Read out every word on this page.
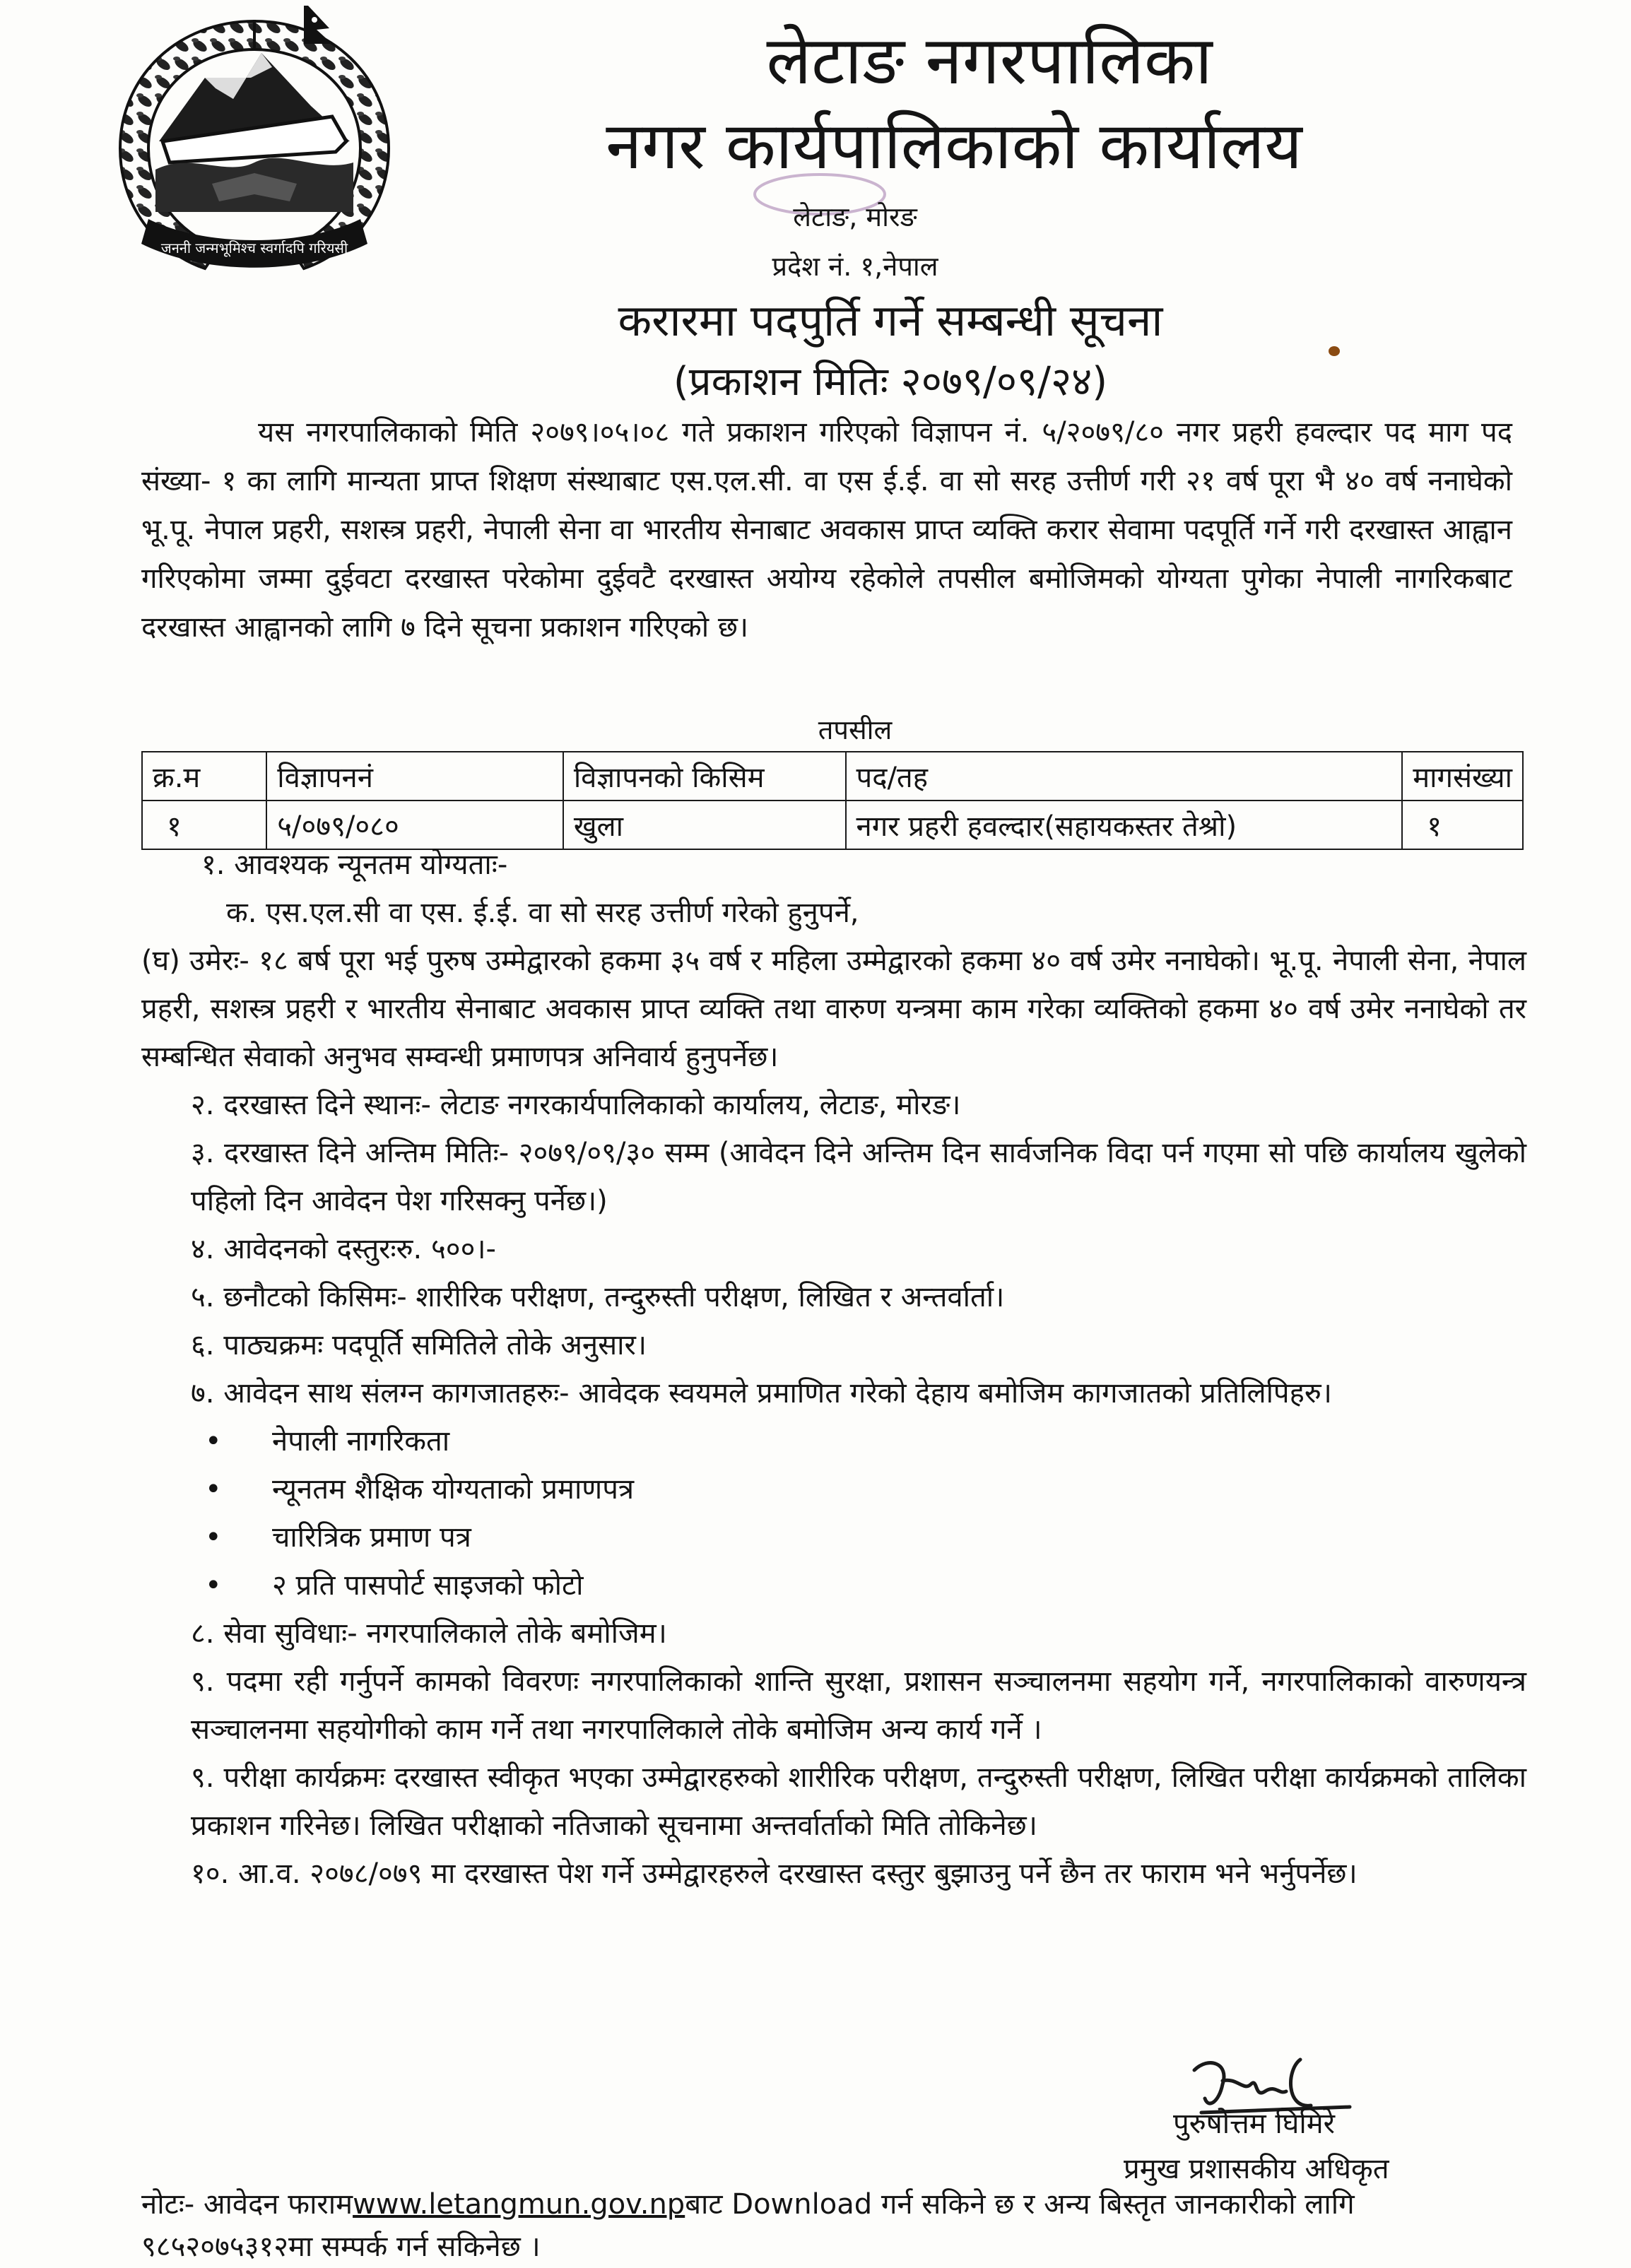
जननी जन्मभूमिश्च स्वर्गादपि गरियसी
लेटाङ नगरपालिका
नगर कार्यपालिकाको कार्यालय
लेटाङ, मोरङ
प्रदेश नं. १,नेपाल
करारमा पदपुर्ति गर्ने सम्बन्धी सूचना
(प्रकाशन मितिः २०७९/०९/२४)
यस नगरपालिकाको मिति २०७९।०५।०८ गते प्रकाशन गरिएको विज्ञापन नं. ५/२०७९/८० नगर प्रहरी हवल्दार पद माग पद संख्या- १ का लागि मान्यता प्राप्त शिक्षण संस्थाबाट एस.एल.सी. वा एस ई.ई. वा सो सरह उत्तीर्ण गरी २१ वर्ष पूरा भै ४० वर्ष ननाघेको भू.पू. नेपाल प्रहरी, सशस्त्र प्रहरी, नेपाली सेना वा भारतीय सेनाबाट अवकास प्राप्त व्यक्ति करार सेवामा पदपूर्ति गर्ने गरी दरखास्त आह्वान गरिएकोमा जम्मा दुईवटा दरखास्त परेकोमा दुईवटै दरखास्त अयोग्य रहेकोले तपसील बमोजिमको योग्यता पुगेका नेपाली नागरिकबाट दरखास्त आह्वानको लागि ७ दिने सूचना प्रकाशन गरिएको छ।
तपसील
क्र.म	विज्ञापननं	विज्ञापनको किसिम	पद/तह	मागसंख्या
१	५/०७९/०८०	खुला	नगर प्रहरी हवल्दार(सहायकस्तर तेश्रो)	१

१. आवश्यक न्यूनतम योग्यताः-

क. एस.एल.सी वा एस. ई.ई. वा सो सरह उत्तीर्ण गरेको हुनुपर्ने,

(घ) उमेरः- १८ बर्ष पूरा भई पुरुष उम्मेद्वारको हकमा ३५ वर्ष र महिला उम्मेद्वारको हकमा ४० वर्ष उमेर ननाघेको। भू.पू. नेपाली सेना, नेपाल प्रहरी, सशस्त्र प्रहरी र भारतीय सेनाबाट अवकास प्राप्त व्यक्ति तथा वारुण यन्त्रमा काम गरेका व्यक्तिको हकमा ४० वर्ष उमेर ननाघेको तर सम्बन्धित सेवाको अनुभव सम्वन्धी प्रमाणपत्र अनिवार्य हुनुपर्नेछ।

२. दरखास्त दिने स्थानः- लेटाङ नगरकार्यपालिकाको कार्यालय, लेटाङ, मोरङ।

३. दरखास्त दिने अन्तिम मितिः- २०७९/०९/३० सम्म (आवेदन दिने अन्तिम दिन सार्वजनिक विदा पर्न गएमा सो पछि कार्यालय खुलेको पहिलो दिन आवेदन पेश गरिसक्नु पर्नेछ।)

४. आवेदनको दस्तुरःरु. ५००।-

५. छनौटको किसिमः- शारीरिक परीक्षण, तन्दुरुस्ती परीक्षण, लिखित र अन्तर्वार्ता।

६. पाठ्यक्रमः पदपूर्ति समितिले तोके अनुसार।

७. आवेदन साथ संलग्न कागजातहरुः- आवेदक स्वयमले प्रमाणित गरेको देहाय बमोजिम कागजातको प्रतिलिपिहरु।

• नेपाली नागरिकता

• न्यूनतम शैक्षिक योग्यताको प्रमाणपत्र

• चारित्रिक प्रमाण पत्र

• २ प्रति पासपोर्ट साइजको फोटो

८. सेवा सुविधाः- नगरपालिकाले तोके बमोजिम।

९. पदमा रही गर्नुपर्ने कामको विवरणः नगरपालिकाको शान्ति सुरक्षा, प्रशासन सञ्चालनमा सहयोग गर्ने, नगरपालिकाको वारुणयन्त्र सञ्चालनमा सहयोगीको काम गर्ने तथा नगरपालिकाले तोके बमोजिम अन्य कार्य गर्ने ।

९. परीक्षा कार्यक्रमः दरखास्त स्वीकृत भएका उम्मेद्वारहरुको शारीरिक परीक्षण, तन्दुरुस्ती परीक्षण, लिखित परीक्षा कार्यक्रमको तालिका प्रकाशन गरिनेछ। लिखित परीक्षाको नतिजाको सूचनामा अन्तर्वार्ताको मिति तोकिनेछ।

१०. आ.व. २०७८/०७९ मा दरखास्त पेश गर्ने उम्मेद्वारहरुले दरखास्त दस्तुर बुझाउनु पर्ने छैन तर फाराम भने भर्नुपर्नेछ।

पुरुषोत्तम घिमिरे
प्रमुख प्रशासकीय अधिकृत
नोटः- आवेदन फारामwww.letangmun.gov.npबाट Download गर्न सकिने छ र अन्य बिस्तृत जानकारीको लागि ९८५२०७५३१२मा सम्पर्क गर्न सकिनेछ ।
